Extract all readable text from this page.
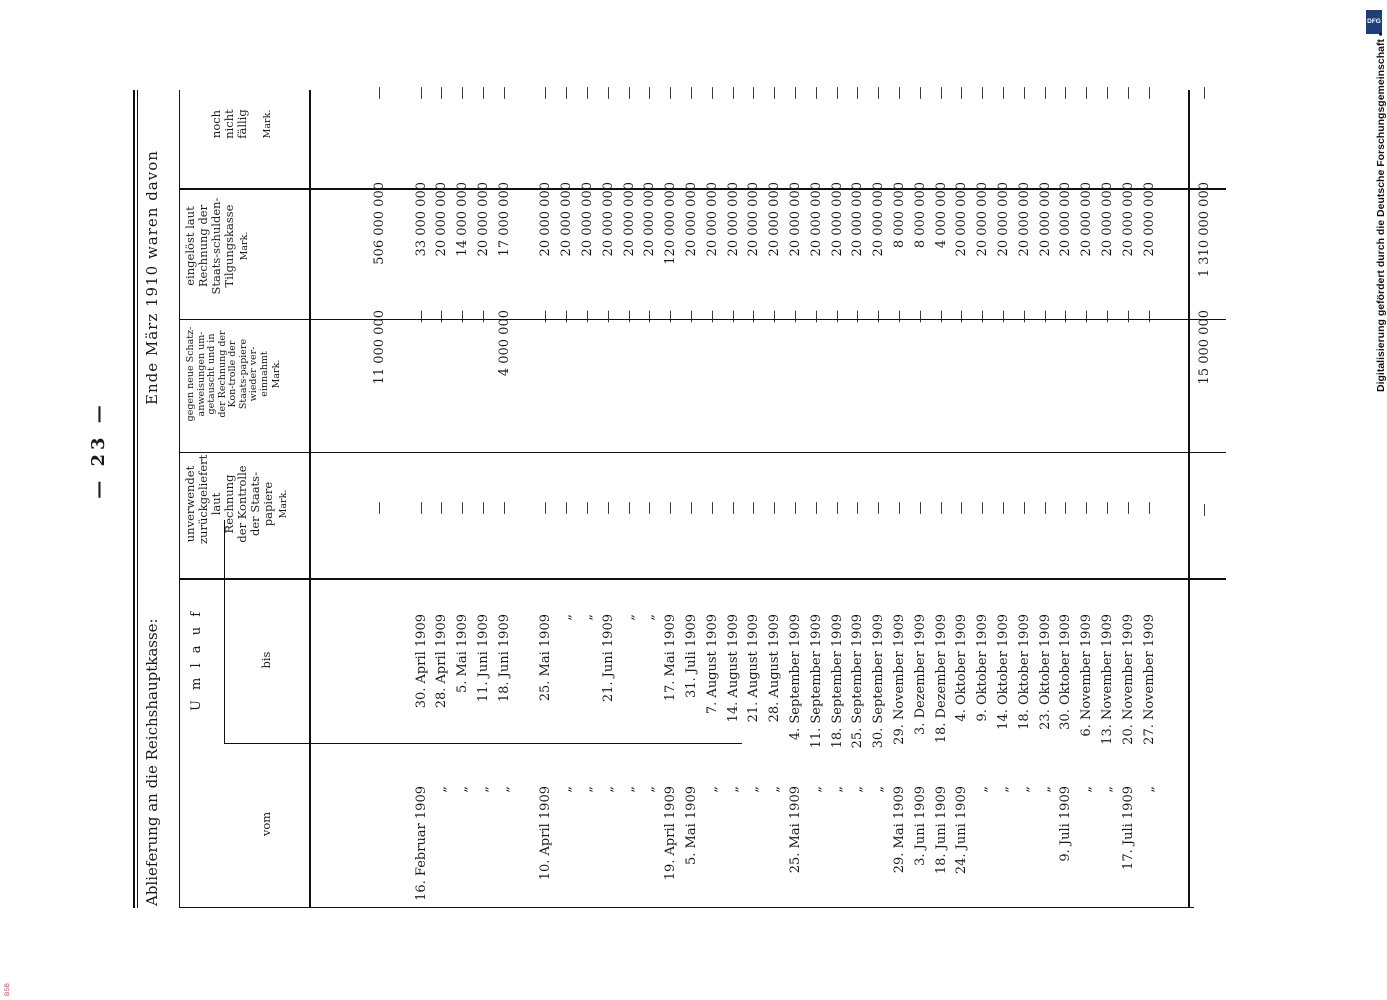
— 23 —
Ablieferung an die Reichshauptkasse:
Ende März 1910 waren davon
U m l a u f
vom
bis
unverwendet zurückgeliefert laut Rechnung der Kontrolle der Staats-papiere Mark.
gegen neue Schatz-anweisungen um-getauscht und in der Rechnung der Kon-trolle der Staats-papiere wieder ver-einnahmt Mark.
eingelöst laut Rechnung der Staats-schulden-Tilgungskasse Mark.
noch nicht fällig Mark.
—
11 000 000
506 000 000
—
16. Februar 1909
30. April 1909
—
—
33 000 000
—
„
28. April 1909
—
—
20 000 000
—
„
5. Mai 1909
—
—
14 000 000
—
„
11. Juni 1909
—
—
20 000 000
—
„
18. Juni 1909
—
4 000 000
17 000 000
—
10. April 1909
25. Mai 1909
—
—
20 000 000
—
„
„
—
—
20 000 000
—
„
„
—
—
20 000 000
—
„
21. Juni 1909
—
—
20 000 000
—
„
„
—
—
20 000 000
—
„
„
—
—
20 000 000
—
19. April 1909
17. Mai 1909
—
—
120 000 000
—
5. Mai 1909
31. Juli 1909
—
—
20 000 000
—
„
7. August 1909
—
—
20 000 000
—
„
14. August 1909
—
—
20 000 000
—
„
21. August 1909
—
—
20 000 000
—
„
28. August 1909
—
—
20 000 000
—
25. Mai 1909
4. September 1909
—
—
20 000 000
—
„
11. September 1909
—
—
20 000 000
—
„
18. September 1909
—
—
20 000 000
—
„
25. September 1909
—
—
20 000 000
—
„
30. September 1909
—
—
20 000 000
—
29. Mai 1909
29. November 1909
—
—
8 000 000
—
3. Juni 1909
3. Dezember 1909
—
—
8 000 000
—
18. Juni 1909
18. Dezember 1909
—
—
4 000 000
—
24. Juni 1909
4. Oktober 1909
—
—
20 000 000
—
„
9. Oktober 1909
—
—
20 000 000
—
„
14. Oktober 1909
—
—
20 000 000
—
„
18. Oktober 1909
—
—
20 000 000
—
„
23. Oktober 1909
—
—
20 000 000
—
9. Juli 1909
30. Oktober 1909
—
—
20 000 000
—
„
6. November 1909
—
—
20 000 000
—
„
13. November 1909
—
—
20 000 000
—
17. Juli 1909
20. November 1909
—
—
20 000 000
—
„
27. November 1909
—
—
20 000 000
—
—
15 000 000
1 310 000 000
—
DFG
Digitalisierung gefördert durch die Deutsche Forschungsgemeinschaft •
BSB
